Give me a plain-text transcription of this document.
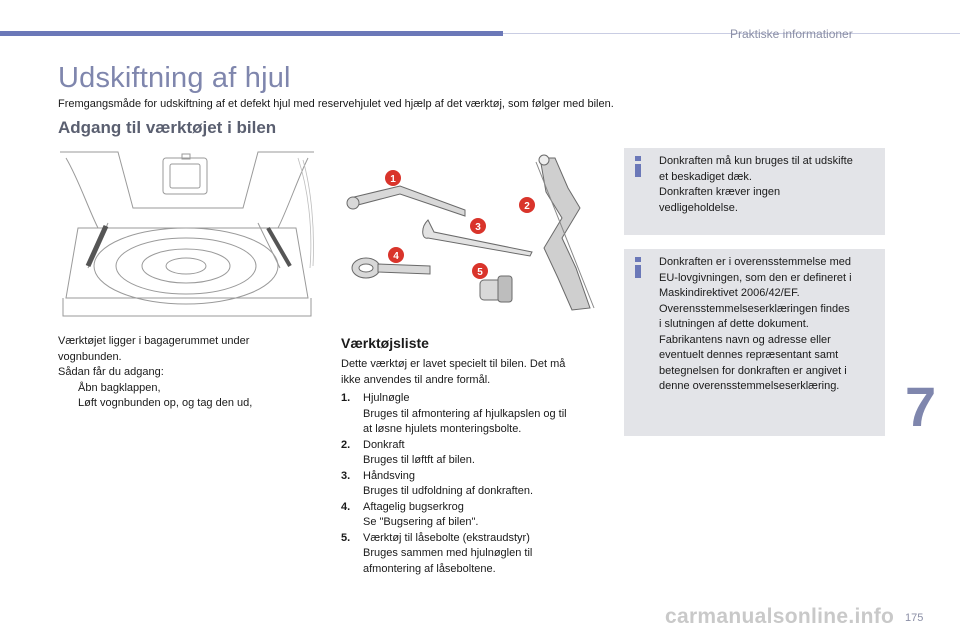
Praktiske informationer
Udskiftning af hjul
Fremgangsmåde for udskiftning af et defekt hjul med reservehjulet ved hjælp af det værktøj, som følger med bilen.
Adgang til værktøjet i bilen
1
2
3
4
5
Værktøjet ligger i bagagerummet under
vognbunden.
Sådan får du adgang:
Åbn bagklappen,
Løft vognbunden op, og tag den ud,
Værktøjsliste
Dette værktøj er lavet specielt til bilen. Det må
ikke anvendes til andre formål.
1.	Hjulnøgle
Bruges til afmontering af hjulkapslen og til
at løsne hjulets monteringsbolte.
2.	Donkraft
Bruges til løftft af bilen.
3.	Håndsving
Bruges til udfoldning af donkraften.
4.	Aftagelig bugserkrog
Se "Bugsering af bilen".
5.	Værktøj til låsebolte (ekstraudstyr)
Bruges sammen med hjulnøglen til
afmontering af låseboltene.
Donkraften må kun bruges til at udskifte
et beskadiget dæk.
Donkraften kræver ingen
vedligeholdelse.
Donkraften er i overensstemmelse med
EU-lovgivningen, som den er defineret i
Maskindirektivet 2006/42/EF.
Overensstemmelseserklæringen findes
i slutningen af dette dokument.
Fabrikantens navn og adresse eller
eventuelt dennes repræsentant samt
betegnelsen for donkraften er angivet i
denne overensstemmelseserklæring.	7
carmanualsonline.info 175
